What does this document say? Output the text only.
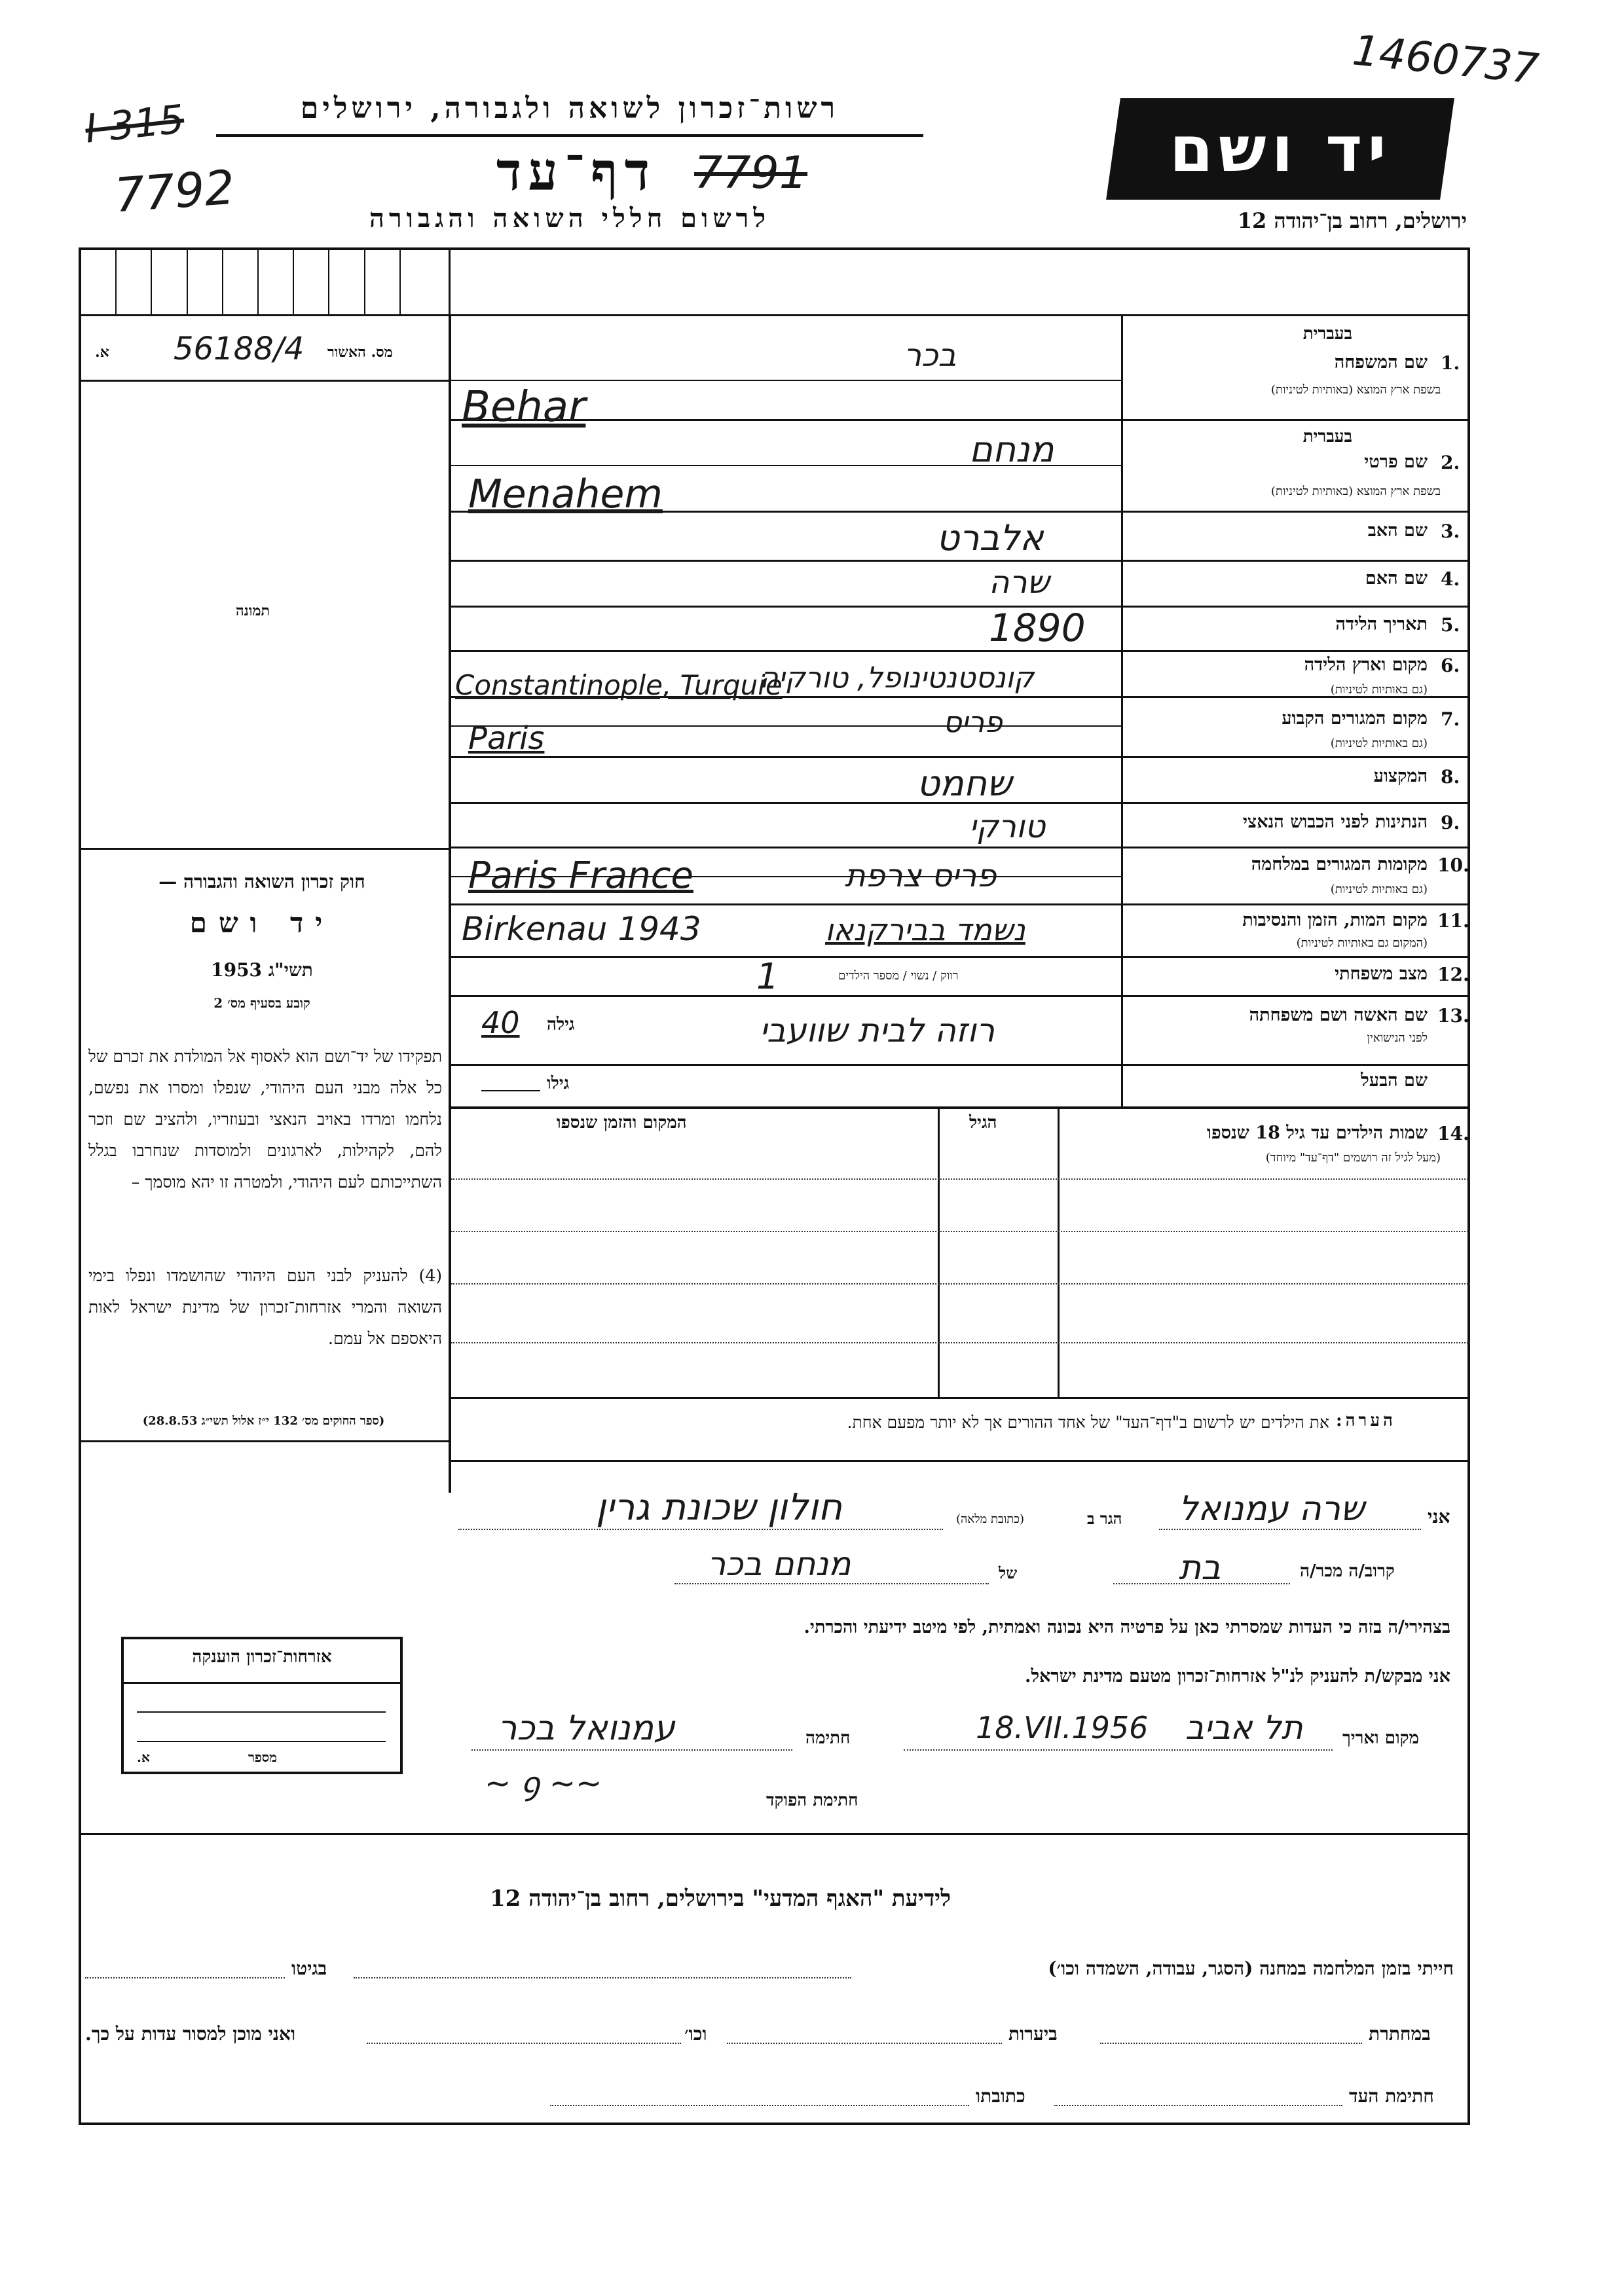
1460737
רשות־זכרון לשואה ולגבורה, ירושלים
I 315
7792	דף־עד 7791
לרשום חללי השואה והגבורה
יד ושם
ירושלים, רחוב בן־יהודה 12
56188/4 מס. האשור
א.
תמונה
חוק זכרון השואה והגבורה —
יד ושם
תשי"ג 1953
קובע בסעיף מס׳ 2
תפקידו של יד־ושם הוא לאסוף אל המולדת את זכרם של כל אלה מבני העם היהודי, שנפלו ומסרו את נפשם, נלחמו ומרדו באויב הנאצי ובעוזריו, ולהציב שם וזכר להם, לקהילות, לארגונים ולמוסדות שנחרבו בגלל השתייכותם לעם היהודי, ולמטרה זו יהא מוסמך –
(4) להעניק לבני העם היהודי שהושמדו ונפלו בימי השואה והמרי אזרחות־זכרון של מדינת ישראל לאות היאספם אל עמם.
(ספר החוקים מס׳ 132 י״ז אלול תשי״ג 28.8.53)
בעברית
1.
שם המשפחה
בשפת ארץ המוצא (באותיות לטיניות)
בכר
Behar
בעברית
2.
שם פרטי
בשפת ארץ המוצא (באותיות לטיניות)
מנחם
Menahem
3.
שם האב
אלברט
4.
שם האם
שרה
5.
תאריך הלידה
1890
6.
מקום וארץ הלידה
(גם באותיות לטיניות)
קונסטנטינופל, טורקיה
Constantinople, Turquie
7.
מקום המגורים הקבוע
(גם באותיות לטיניות)
פריס
Paris
8.
המקצוע
שחמט
9.
הנתינות לפני הכבוש הנאצי
טורקי
10.
מקומות המגורים במלחמה
(גם באותיות לטיניות)
פריס צרפת
Paris France
11.
מקום המות, הזמן והנסיבות
(המקום גם באותיות לטיניות)
נשמד בבירקנאו
Birkenau 1943
12.
מצב משפחתי
רווק / נשוי / מספר הילדים
1
13.
שם האשה ושם משפחתה
לפני הנישואין
רוזה לבית שוועבי
גילה
40
שם הבעל
גילו
14.
שמות הילדים עד גיל 18 שנספו
(מעל לגיל זה רושמים "דף־עד" מיוחד)
הגיל
המקום והזמן שנספו
הערה:
את הילדים יש לרשום ב"דף־העד" של אחד ההורים אך לא יותר מפעם אחת.
אני
שרה עמנואל
הגר ב
(כתובת מלאה)
חולון שכונת גרין
קרוב/ה מכר/ה
בת
של
מנחם בכר
בצהירי/ה בזה כי העדות שמסרתי כאן על פרטיה היא נכונה ואמתית, לפי מיטב ידיעתי והכרתי.
אני מבקש/ת להעניק לנ"ל אזרחות־זכרון מטעם מדינת ישראל.
מקום ואריך
תל אביב
18.VII.1956
חתימה
עמנואל בכר
~ ꝯ ~~	חתימת הפוקד
אזרחות־זכרון הוענקה
מספר
א.
לידיעת "האגף המדעי" בירושלים, רחוב בן־יהודה 12
בגיטו	חייתי בזמן המלחמה במחנה (הסגר, עבודה, השמדה וכו׳)
ואני מוכן למסור עדות על כך.	וכו׳	ביערות	במחתרת
כתובתו	חתימת העד
